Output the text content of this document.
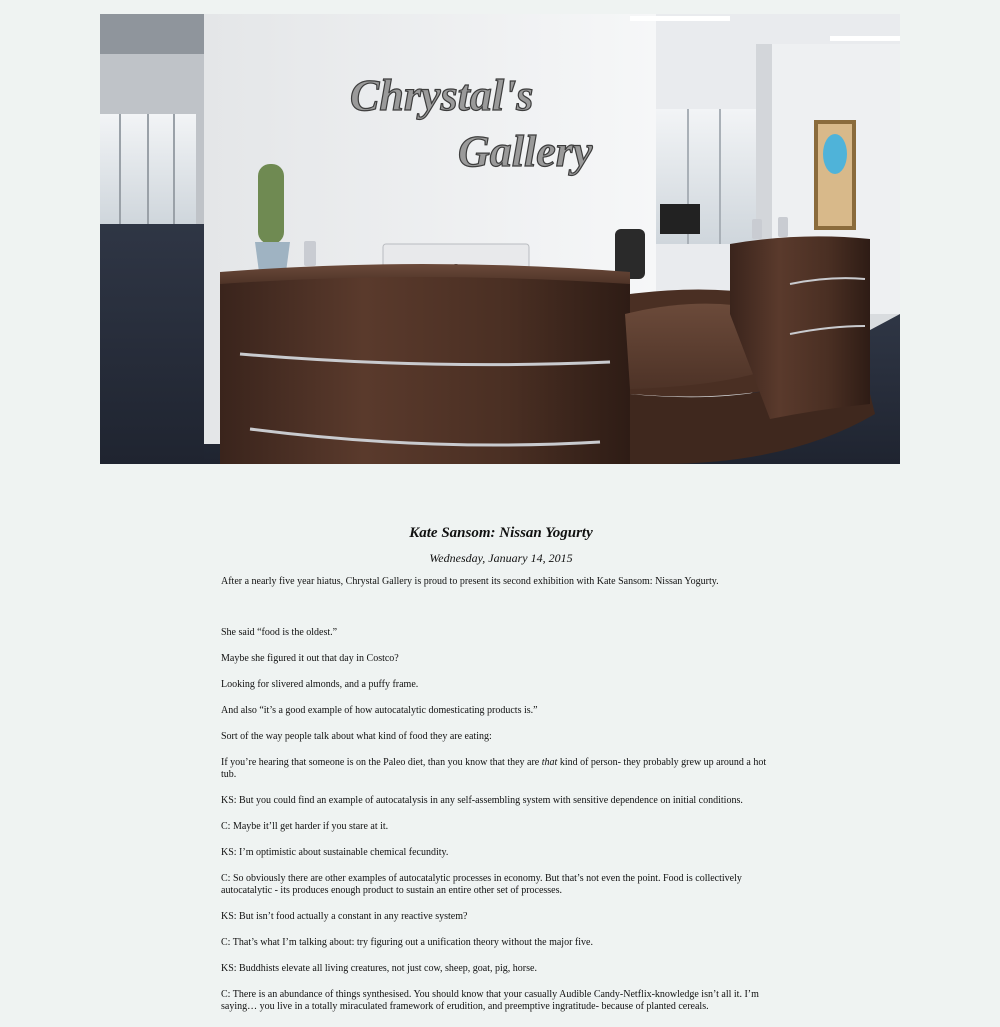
Chrystal's
Gallery
Kate Sansom: Nissan Yogurty

Wednesday, January 14, 2015

After a nearly five year hiatus, Chrystal Gallery is proud to present its second exhibition with Kate Sansom: Nissan Yogurty.

She said “food is the oldest.”

Maybe she figured it out that day in Costco?

Looking for slivered almonds, and a puffy frame.

And also “it’s a good example of how autocatalytic domesticating products is.”

Sort of the way people talk about what kind of food they are eating:

If you’re hearing that someone is on the Paleo diet, than you know that they are that kind of person- they probably grew up around a hot tub.

KS: But you could find an example of autocatalysis in any self-assembling system with sensitive dependence on initial conditions.

C: Maybe it’ll get harder if you stare at it.

KS: I’m optimistic about sustainable chemical fecundity.

C: So obviously there are other examples of autocatalytic processes in economy. But that’s not even the point. Food is collectively autocatalytic - its produces enough product to sustain an entire other set of processes.

KS: But isn’t food actually a constant in any reactive system?

C: That’s what I’m talking about: try figuring out a unification theory without the major five.

KS: Buddhists elevate all living creatures, not just cow, sheep, goat, pig, horse.

C: There is an abundance of things synthesised. You should know that your casually Audible Candy-Netflix-knowledge isn’t all it. I’m saying… you live in a totally miraculated framework of erudition, and preemptive ingratitude- because of planted cereals.
